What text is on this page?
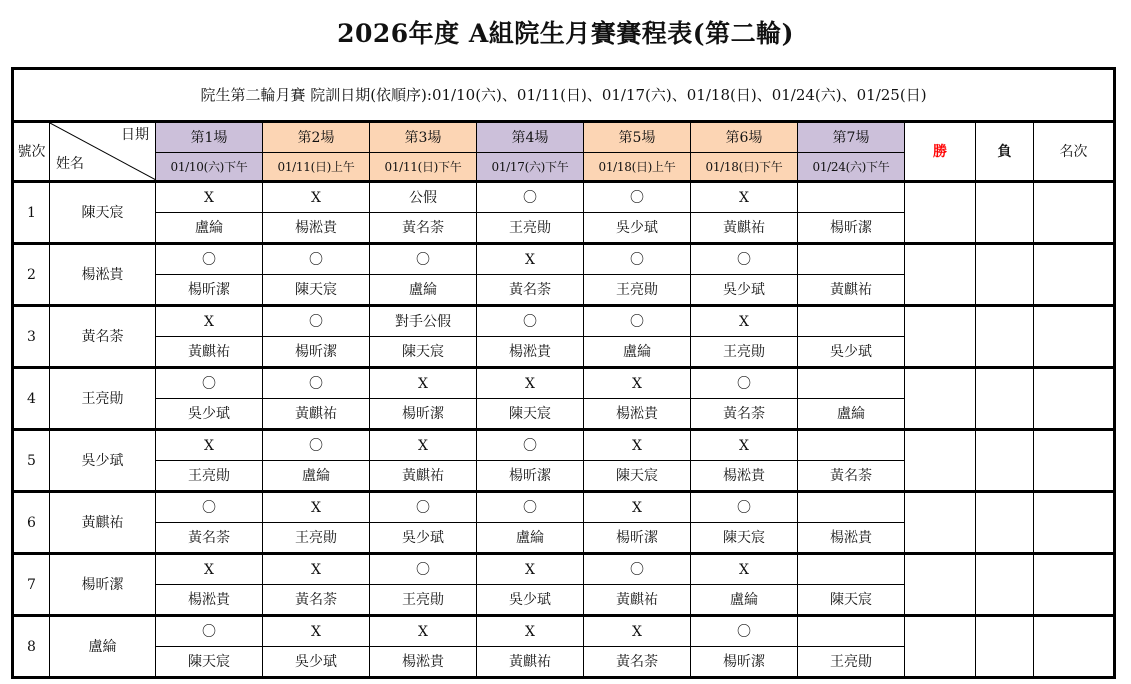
2026年度 A組院生月賽賽程表(第二輪)
院生第二輪月賽 院訓日期(依順序):01/10(六)、01/11(日)、01/17(六)、01/18(日)、01/24(六)、01/25(日)											
號次	日期
姓名	第1場	第2場	第3場	第4場	第5場	第6場	第7場	勝	負	名次
		01/10(六)下午	01/11(日)上午	01/11(日)下午	01/17(六)下午	01/18(日)上午	01/18(日)下午	01/24(六)下午			
1	陳天宸	X	X	公假	〇	〇	X				
		盧綸	楊淞貴	黃名荼	王亮勛	吳少珷	黃麒祐	楊昕潔			
2	楊淞貴	〇	〇	〇	X	〇	〇				
		楊昕潔	陳天宸	盧綸	黃名荼	王亮勛	吳少珷	黃麒祐			
3	黃名荼	X	〇	對手公假	〇	〇	X				
		黃麒祐	楊昕潔	陳天宸	楊淞貴	盧綸	王亮勛	吳少珷			
4	王亮勛	〇	〇	X	X	X	〇				
		吳少珷	黃麒祐	楊昕潔	陳天宸	楊淞貴	黃名荼	盧綸			
5	吳少珷	X	〇	X	〇	X	X				
		王亮勛	盧綸	黃麒祐	楊昕潔	陳天宸	楊淞貴	黃名荼			
6	黃麒祐	〇	X	〇	〇	X	〇				
		黃名荼	王亮勛	吳少珷	盧綸	楊昕潔	陳天宸	楊淞貴			
7	楊昕潔	X	X	〇	X	〇	X				
		楊淞貴	黃名荼	王亮勛	吳少珷	黃麒祐	盧綸	陳天宸			
8	盧綸	〇	X	X	X	X	〇				
		陳天宸	吳少珷	楊淞貴	黃麒祐	黃名荼	楊昕潔	王亮勛			
